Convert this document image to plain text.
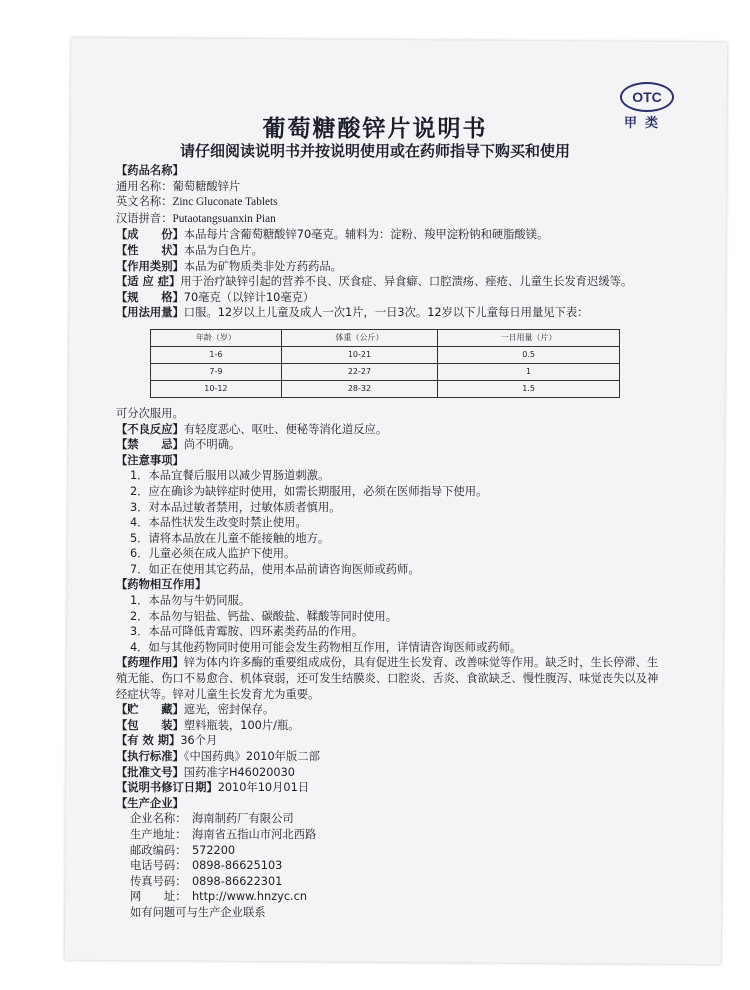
OTC
甲类
葡萄糖酸锌片说明书
请仔细阅读说明书并按说明使用或在药师指导下购买和使用
【药品名称】
通用名称：葡萄糖酸锌片
英文名称：Zinc Gluconate Tablets
汉语拼音：Putaotangsuanxin Pian
【成　　份】本品每片含葡萄糖酸锌70毫克。辅料为：淀粉、羧甲淀粉钠和硬脂酸镁。
【性　　状】本品为白色片。
【作用类别】本品为矿物质类非处方药药品。
【适 应 症】用于治疗缺锌引起的营养不良、厌食症、异食癖、口腔溃疡、痤疮、儿童生长发育迟缓等。
【规　　格】70毫克（以锌计10毫克）
【用法用量】口服。12岁以上儿童及成人一次1片，一日3次。12岁以下儿童每日用量见下表：
年龄（岁）	体重（公斤）	一日用量（片）
1-6	10-21	0.5
7-9	22-27	1
10-12	28-32	1.5
可分次服用。
【不良反应】有轻度恶心、呕吐、便秘等消化道反应。
【禁　　忌】尚不明确。
【注意事项】
1．本品宜餐后服用以减少胃肠道刺激。
2．应在确诊为缺锌症时使用，如需长期服用，必须在医师指导下使用。
3．对本品过敏者禁用，过敏体质者慎用。
4．本品性状发生改变时禁止使用。
5．请将本品放在儿童不能接触的地方。
6．儿童必须在成人监护下使用。
7．如正在使用其它药品，使用本品前请咨询医师或药师。
【药物相互作用】
1．本品勿与牛奶同服。
2．本品勿与铝盐、钙盐、碳酸盐、鞣酸等同时使用。
3．本品可降低青霉胺、四环素类药品的作用。
4．如与其他药物同时使用可能会发生药物相互作用，详情请咨询医师或药师。
【药理作用】锌为体内许多酶的重要组成成份，具有促进生长发育、改善味觉等作用。缺乏时，生长停滞、生殖无能、伤口不易愈合、机体衰弱，还可发生结膜炎、口腔炎、舌炎、食欲缺乏、慢性腹泻、味觉丧失以及神经症状等。锌对儿童生长发育尤为重要。
【贮　　藏】遮光，密封保存。
【包　　装】塑料瓶装，100片/瓶。
【有 效 期】36个月
【执行标准】《中国药典》2010年版二部
【批准文号】国药准字H46020030
【说明书修订日期】2010年10月01日
【生产企业】
企业名称： 海南制药厂有限公司
生产地址： 海南省五指山市河北西路
邮政编码： 572200
电话号码： 0898-86625103
传真号码： 0898-86622301
网　　址： http://www.hnzyc.cn
如有问题可与生产企业联系
